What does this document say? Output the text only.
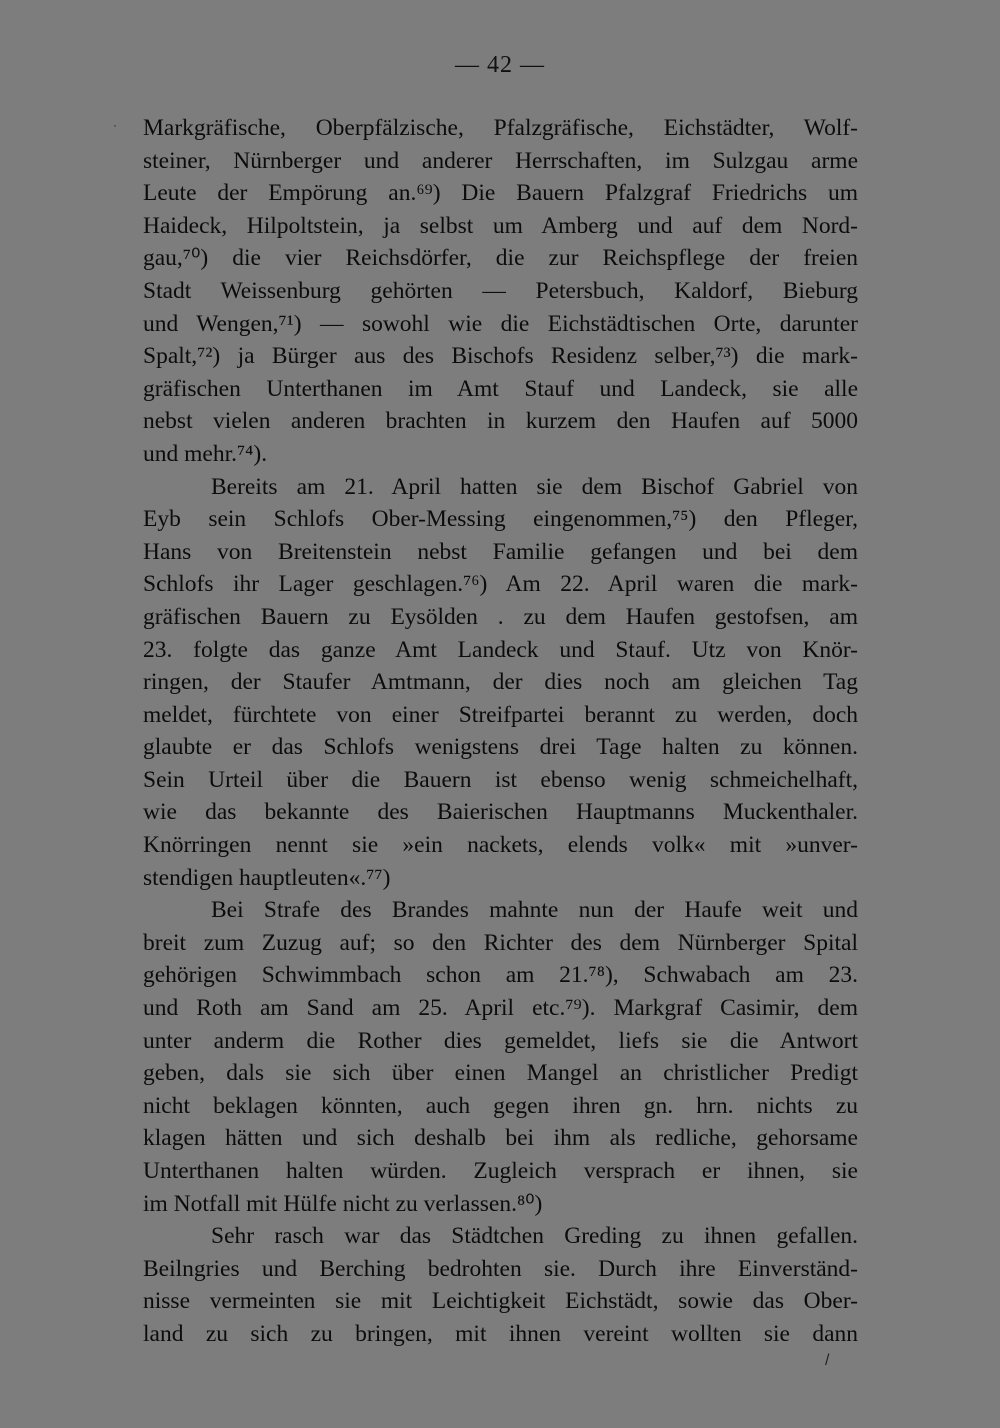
— 42 —
· Markgräfische, Oberpfälzische, Pfalzgräfische, Eichstädter, Wolf-
steiner, Nürnberger und anderer Herrschaften, im Sulzgau arme
Leute der Empörung an.⁶⁹) Die Bauern Pfalzgraf Friedrichs um
Haideck, Hilpoltstein, ja selbst um Amberg und auf dem Nord-
gau,⁷⁰) die vier Reichsdörfer, die zur Reichspflege der freien
Stadt Weissenburg gehörten — Petersbuch, Kaldorf, Bieburg
und Wengen,⁷¹) — sowohl wie die Eichstädtischen Orte, darunter
Spalt,⁷²) ja Bürger aus des Bischofs Residenz selber,⁷³) die mark-
gräfischen Unterthanen im Amt Stauf und Landeck, sie alle
nebst vielen anderen brachten in kurzem den Haufen auf 5000
und mehr.⁷⁴).
Bereits am 21. April hatten sie dem Bischof Gabriel von
Eyb sein Schlofs Ober-Messing eingenommen,⁷⁵) den Pfleger,
Hans von Breitenstein nebst Familie gefangen und bei dem
Schlofs ihr Lager geschlagen.⁷⁶) Am 22. April waren die mark-
gräfischen Bauern zu Eysölden . zu dem Haufen gestofsen, am
23. folgte das ganze Amt Landeck und Stauf. Utz von Knör-
ringen, der Staufer Amtmann, der dies noch am gleichen Tag
meldet, fürchtete von einer Streifpartei berannt zu werden, doch
glaubte er das Schlofs wenigstens drei Tage halten zu können.
Sein Urteil über die Bauern ist ebenso wenig schmeichelhaft,
wie das bekannte des Baierischen Hauptmanns Muckenthaler.
Knörringen nennt sie »ein nackets, elends volk« mit »unver-
stendigen hauptleuten«.⁷⁷)
Bei Strafe des Brandes mahnte nun der Haufe weit und
breit zum Zuzug auf; so den Richter des dem Nürnberger Spital
gehörigen Schwimmbach schon am 21.⁷⁸), Schwabach am 23.
und Roth am Sand am 25. April etc.⁷⁹). Markgraf Casimir, dem
unter anderm die Rother dies gemeldet, liefs sie die Antwort
geben, dals sie sich über einen Mangel an christlicher Predigt
nicht beklagen könnten, auch gegen ihren gn. hrn. nichts zu
klagen hätten und sich deshalb bei ihm als redliche, gehorsame
Unterthanen halten würden. Zugleich versprach er ihnen, sie
im Notfall mit Hülfe nicht zu verlassen.⁸⁰)
Sehr rasch war das Städtchen Greding zu ihnen gefallen.
Beilngries und Berching bedrohten sie. Durch ihre Einverständ-
nisse vermeinten sie mit Leichtigkeit Eichstädt, sowie das Ober-
land zu sich zu bringen, mit ihnen vereint wollten sie dann
/
